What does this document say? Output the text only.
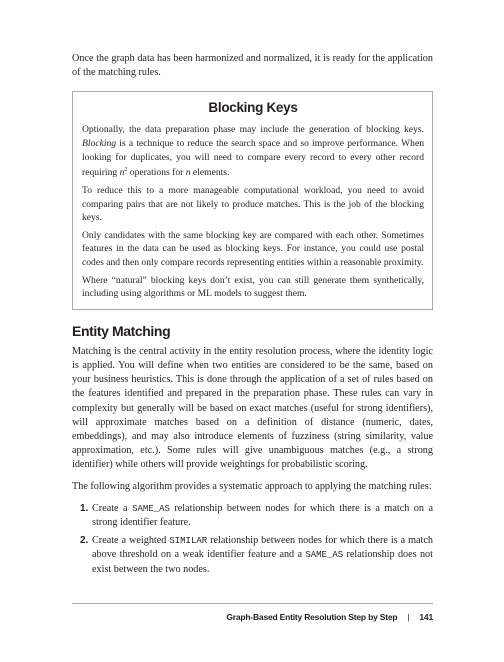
Once the graph data has been harmonized and normalized, it is ready for the application of the matching rules.

Blocking Keys

Optionally, the data preparation phase may include the generation of blocking keys. Blocking is a technique to reduce the search space and so improve performance. When looking for duplicates, you will need to compare every record to every other record requiring $n^2$ operations for n elements.

To reduce this to a more manageable computational workload, you need to avoid comparing pairs that are not likely to produce matches. This is the job of the blocking keys.

Only candidates with the same blocking key are compared with each other. Sometimes features in the data can be used as blocking keys. For instance, you could use postal codes and then only compare records representing entities within a reasonable proximity.

Where “natural” blocking keys don’t exist, you can still generate them synthetically, including using algorithms or ML models to suggest them.

Entity Matching

Matching is the central activity in the entity resolution process, where the identity logic is applied. You will define when two entities are considered to be the same, based on your business heuristics. This is done through the application of a set of rules based on the features identified and prepared in the preparation phase. These rules can vary in complexity but generally will be based on exact matches (useful for strong identifiers), will approximate matches based on a definition of distance (numeric, dates, embeddings), and may also introduce elements of fuzziness (string similarity, value approximation, etc.). Some rules will give unambiguous matches (e.g., a strong identifier) while others will provide weightings for probabilistic scoring.

The following algorithm provides a systematic approach to applying the matching rules:

1. Create a SAME_AS relationship between nodes for which there is a match on a strong identifier feature.

2. Create a weighted SIMILAR relationship between nodes for which there is a match above threshold on a weak identifier feature and a SAME_AS relationship does not exist between the two nodes.

Graph-Based Entity Resolution Step by Step | 141
